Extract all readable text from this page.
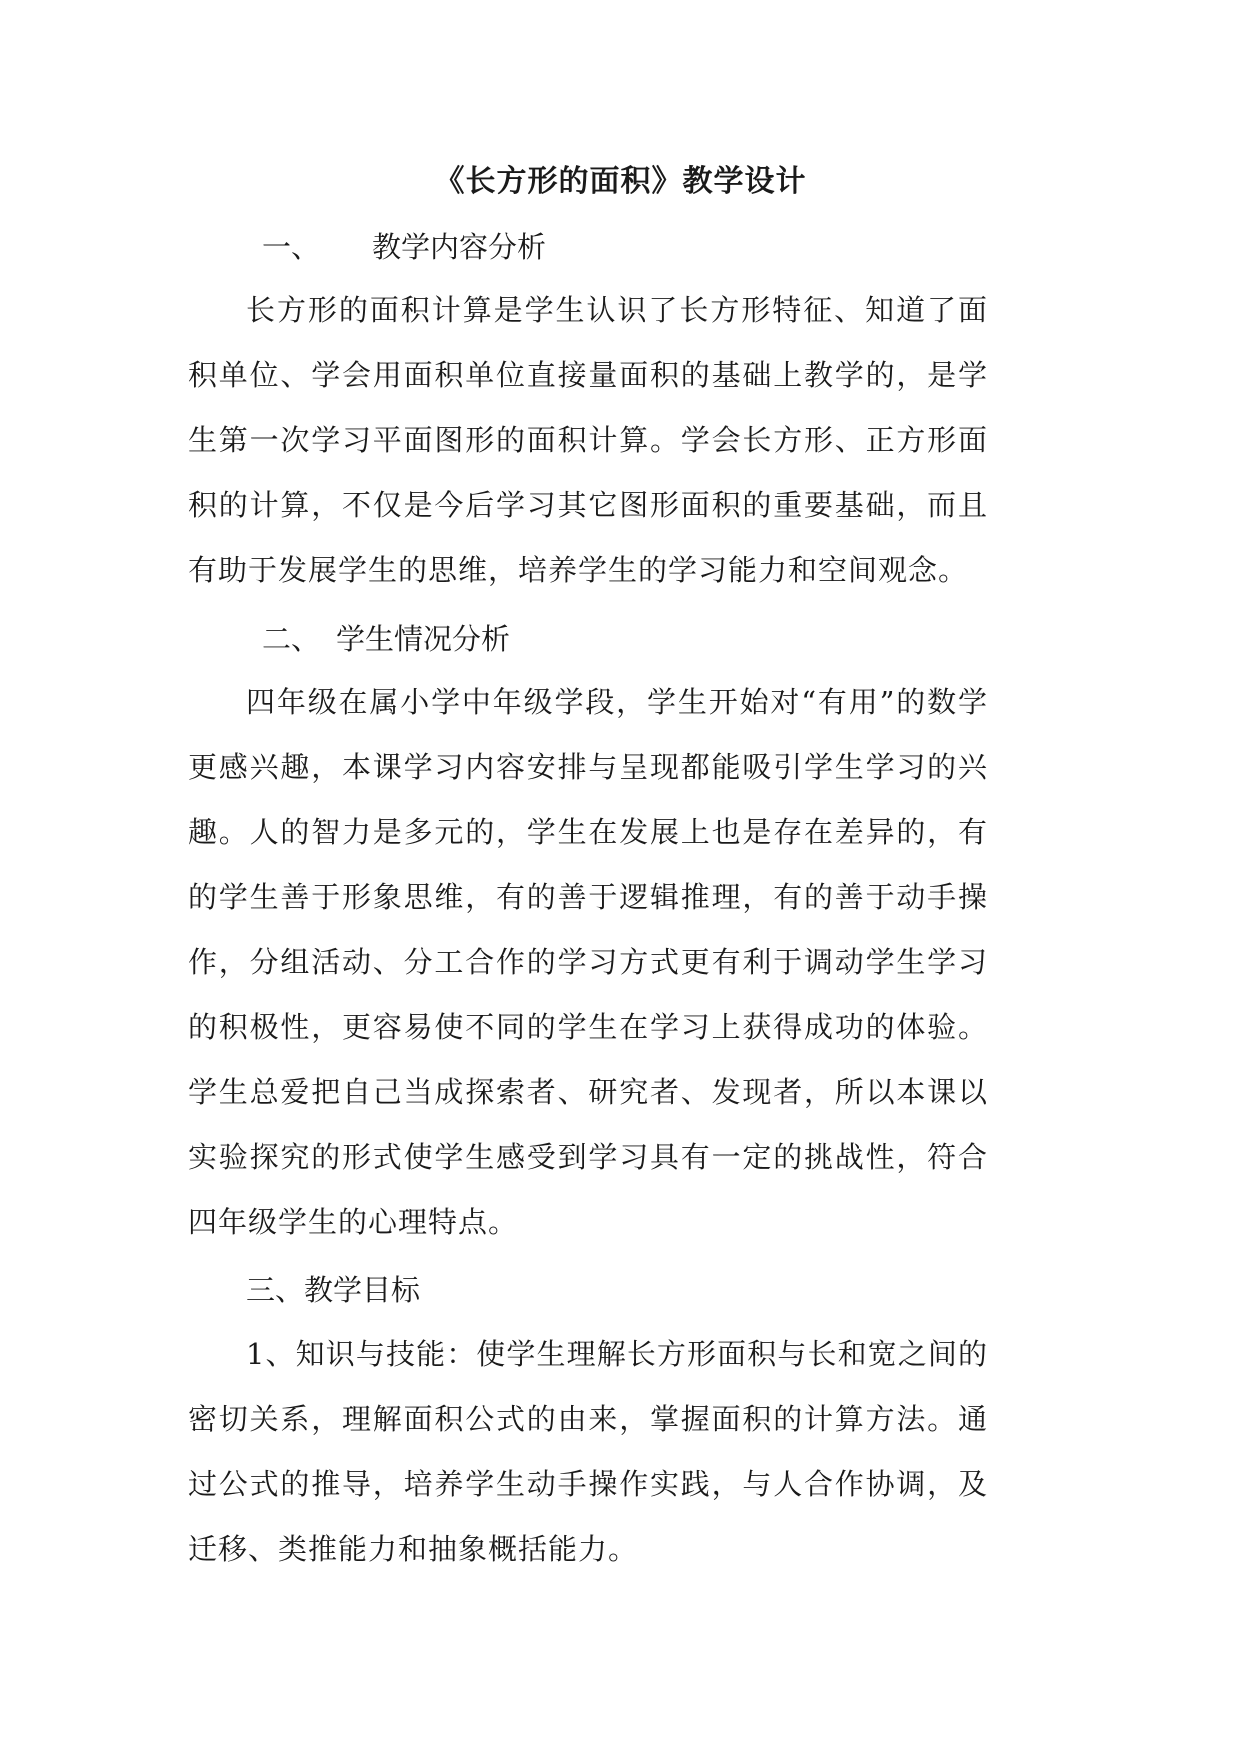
《长方形的面积》教学设计
一、 教学内容分析

长方形的面积计算是学生认识了长方形特征、知道了面积单位、学会用面积单位直接量面积的基础上教学的，是学生第一次学习平面图形的面积计算。学会长方形、正方形面积的计算，不仅是今后学习其它图形面积的重要基础，而且有助于发展学生的思维，培养学生的学习能力和空间观念。

二、 学生情况分析

四年级在属小学中年级学段，学生开始对“有用”的数学更感兴趣，本课学习内容安排与呈现都能吸引学生学习的兴趣。人的智力是多元的，学生在发展上也是存在差异的，有的学生善于形象思维，有的善于逻辑推理，有的善于动手操作，分组活动、分工合作的学习方式更有利于调动学生学习的积极性，更容易使不同的学生在学习上获得成功的体验。学生总爱把自己当成探索者、研究者、发现者，所以本课以实验探究的形式使学生感受到学习具有一定的挑战性，符合四年级学生的心理特点。

三、教学目标

1、知识与技能：使学生理解长方形面积与长和宽之间的密切关系，理解面积公式的由来，掌握面积的计算方法。通过公式的推导，培养学生动手操作实践，与人合作协调，及迁移、类推能力和抽象概括能力。
